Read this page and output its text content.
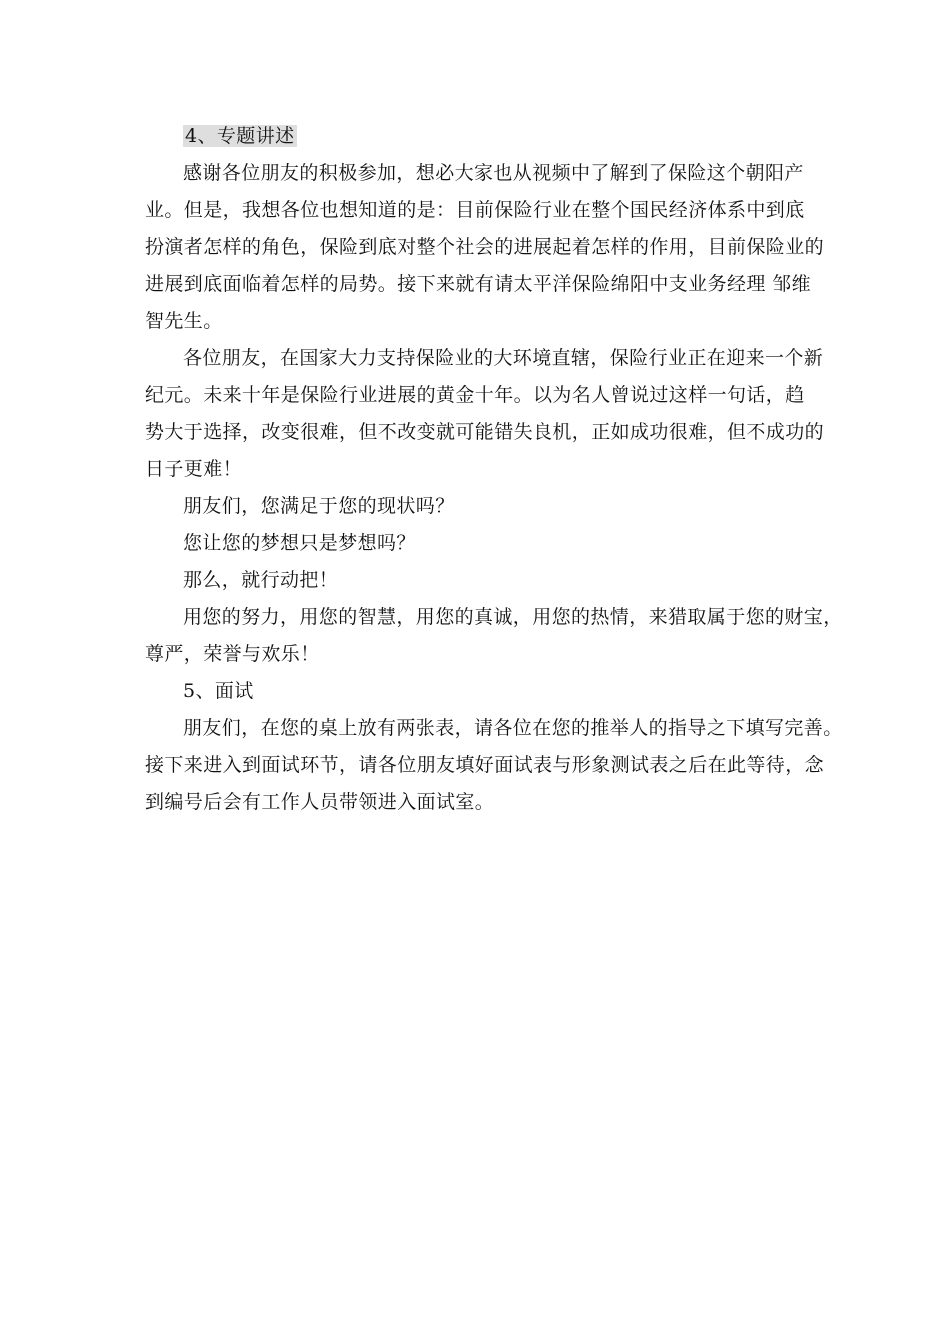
4、专题讲述
感谢各位朋友的积极参加，想必大家也从视频中了解到了保险这个朝阳产
业。但是，我想各位也想知道的是：目前保险行业在整个国民经济体系中到底
扮演者怎样的角色，保险到底对整个社会的进展起着怎样的作用，目前保险业的
进展到底面临着怎样的局势。接下来就有请太平洋保险绵阳中支业务经理 邹维
智先生。
各位朋友，在国家大力支持保险业的大环境直辖，保险行业正在迎来一个新
纪元。未来十年是保险行业进展的黄金十年。以为名人曾说过这样一句话，趋
势大于选择，改变很难，但不改变就可能错失良机，正如成功很难，但不成功的
日子更难！
朋友们，您满足于您的现状吗？
您让您的梦想只是梦想吗？
那么，就行动把！
用您的努力，用您的智慧，用您的真诚，用您的热情，来猎取属于您的财宝，
尊严，荣誉与欢乐！
5、面试
朋友们，在您的桌上放有两张表，请各位在您的推举人的指导之下填写完善。
接下来进入到面试环节，请各位朋友填好面试表与形象测试表之后在此等待，念
到编号后会有工作人员带领进入面试室。
